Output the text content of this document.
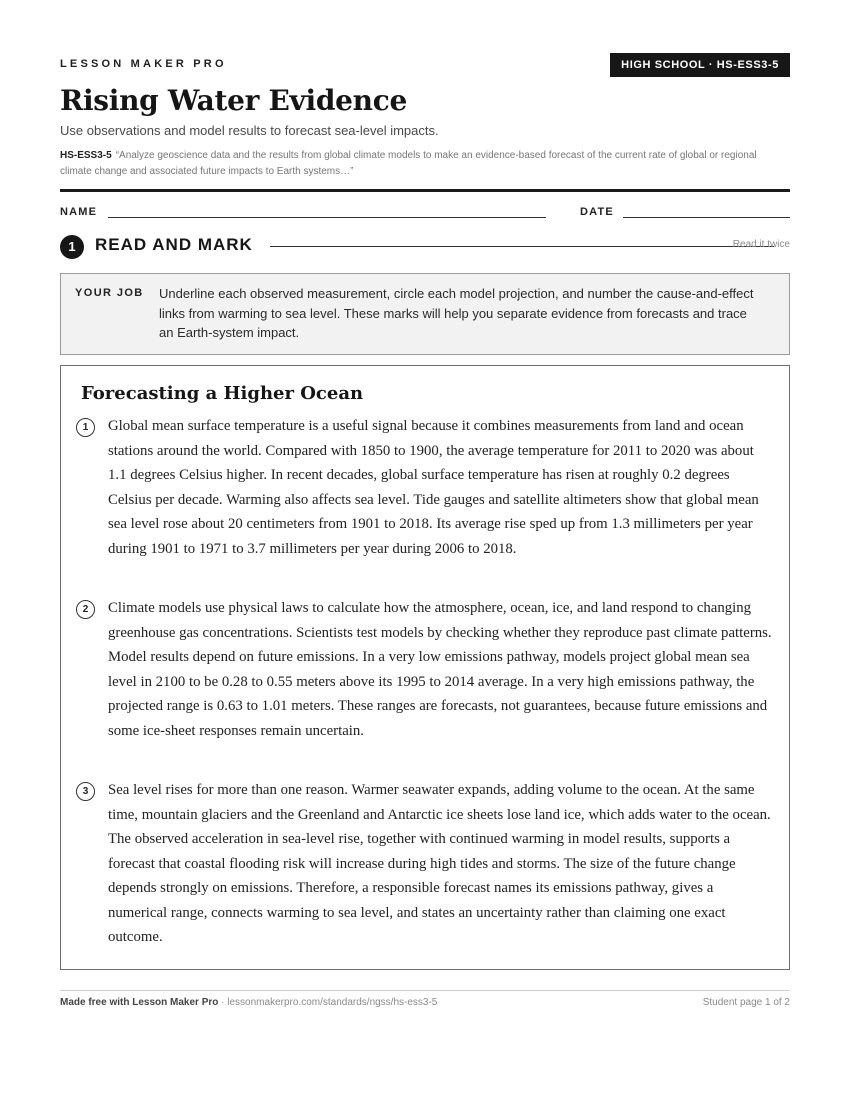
LESSON MAKER PRO	HIGH SCHOOL · HS-ESS3-5
Rising Water Evidence
Use observations and model results to forecast sea-level impacts.
HS-ESS3-5 “Analyze geoscience data and the results from global climate models to make an evidence-based forecast of the current rate of global or regional climate change and associated future impacts to Earth systems…”
NAME	DATE
1	READ AND MARK	Read it twice
YOUR JOB Underline each observed measurement, circle each model projection, and number the cause-and-effect links from warming to sea level. These marks will help you separate evidence from forecasts and trace an Earth-system impact.
Forecasting a Higher Ocean
1	Global mean surface temperature is a useful signal because it combines measurements from land and ocean stations around the world. Compared with 1850 to 1900, the average temperature for 2011 to 2020 was about 1.1 degrees Celsius higher. In recent decades, global surface temperature has risen at roughly 0.2 degrees Celsius per decade. Warming also affects sea level. Tide gauges and satellite altimeters show that global mean sea level rose about 20 centimeters from 1901 to 2018. Its average rise sped up from 1.3 millimeters per year during 1901 to 1971 to 3.7 millimeters per year during 2006 to 2018.
2	Climate models use physical laws to calculate how the atmosphere, ocean, ice, and land respond to changing greenhouse gas concentrations. Scientists test models by checking whether they reproduce past climate patterns. Model results depend on future emissions. In a very low emissions pathway, models project global mean sea level in 2100 to be 0.28 to 0.55 meters above its 1995 to 2014 average. In a very high emissions pathway, the projected range is 0.63 to 1.01 meters. These ranges are forecasts, not guarantees, because future emissions and some ice-sheet responses remain uncertain.
3	Sea level rises for more than one reason. Warmer seawater expands, adding volume to the ocean. At the same time, mountain glaciers and the Greenland and Antarctic ice sheets lose land ice, which adds water to the ocean. The observed acceleration in sea-level rise, together with continued warming in model results, supports a forecast that coastal flooding risk will increase during high tides and storms. The size of the future change depends strongly on emissions. Therefore, a responsible forecast names its emissions pathway, gives a numerical range, connects warming to sea level, and states an uncertainty rather than claiming one exact outcome.
Made free with Lesson Maker Pro · lessonmakerpro.com/standards/ngss/hs-ess3-5	Student page 1 of 2
